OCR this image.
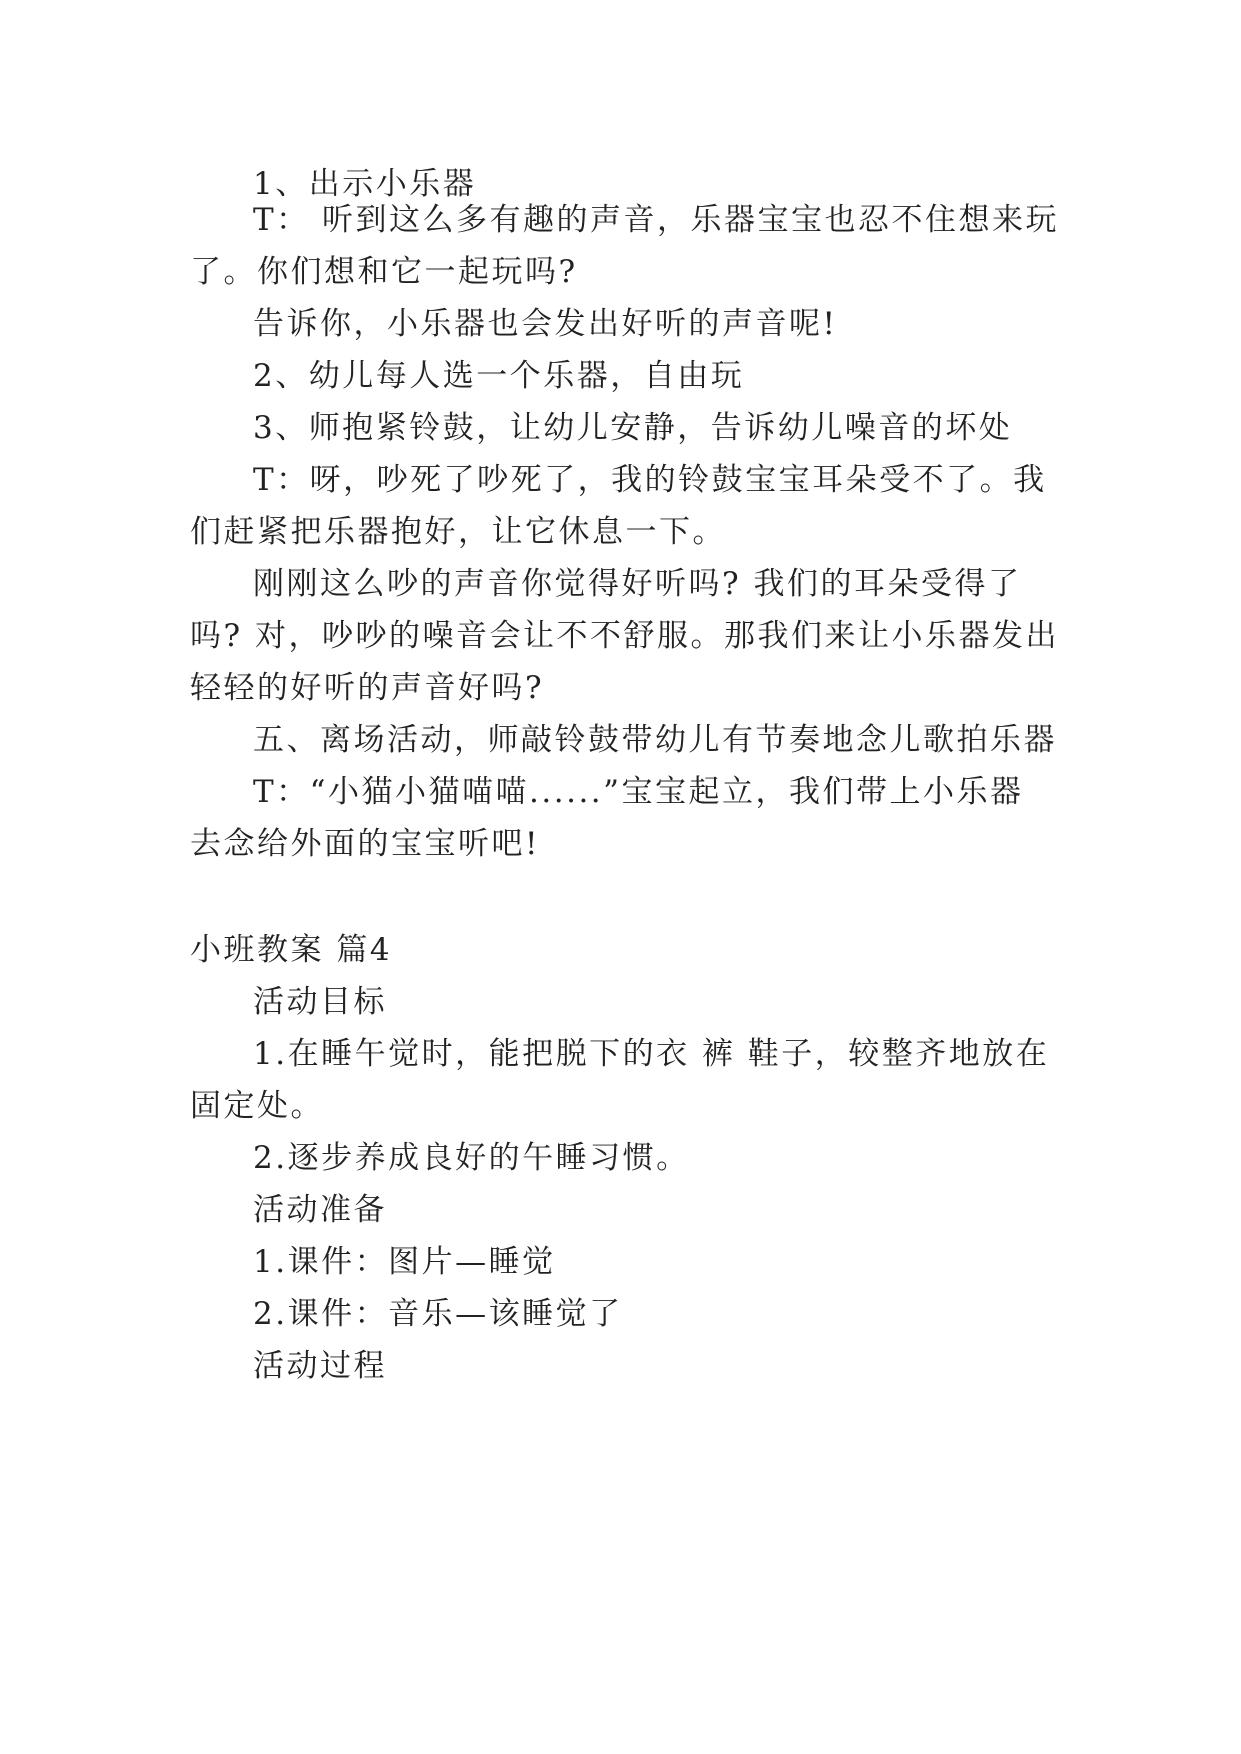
1、出示小乐器
T： 听到这么多有趣的声音，乐器宝宝也忍不住想来玩
了。你们想和它一起玩吗?
告诉你，小乐器也会发出好听的声音呢!
2、幼儿每人选一个乐器，自由玩
3、师抱紧铃鼓，让幼儿安静，告诉幼儿噪音的坏处
T：呀，吵死了吵死了，我的铃鼓宝宝耳朵受不了。我
们赶紧把乐器抱好，让它休息一下。
刚刚这么吵的声音你觉得好听吗? 我们的耳朵受得了
吗? 对，吵吵的噪音会让不不舒服。那我们来让小乐器发出
轻轻的好听的声音好吗?
五、离场活动，师敲铃鼓带幼儿有节奏地念儿歌拍乐器
T：“小猫小猫喵喵......”宝宝起立，我们带上小乐器
去念给外面的宝宝听吧!
小班教案 篇4
活动目标
1.在睡午觉时，能把脱下的衣 裤 鞋子，较整齐地放在
固定处。
2.逐步养成良好的午睡习惯。
活动准备
1.课件：图片—睡觉
2.课件：音乐—该睡觉了
活动过程
